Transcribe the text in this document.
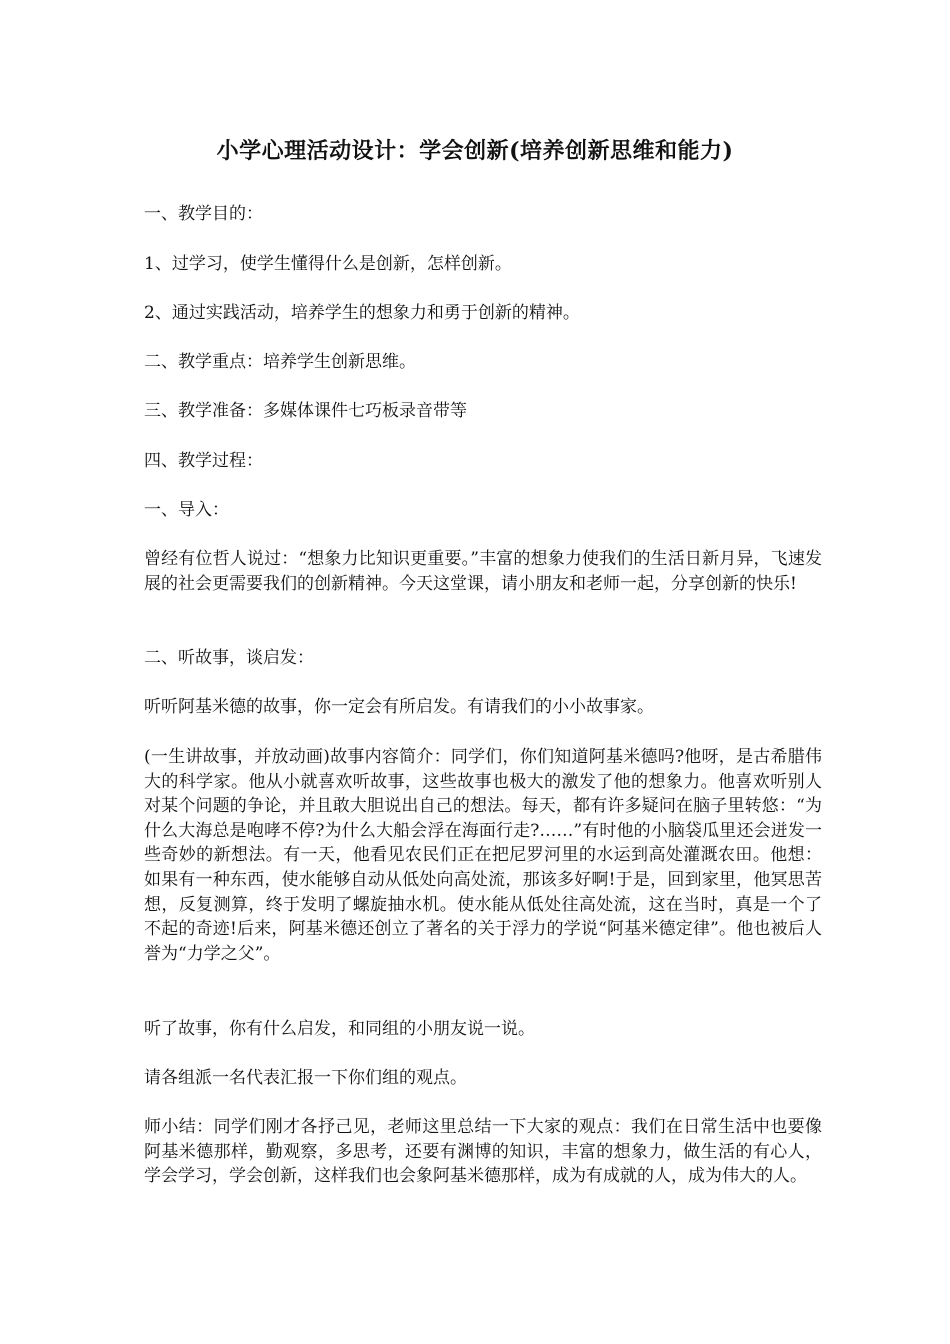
小学心理活动设计：学会创新(培养创新思维和能力)

一、教学目的：

1、过学习，使学生懂得什么是创新，怎样创新。

2、通过实践活动，培养学生的想象力和勇于创新的精神。

二、教学重点：培养学生创新思维。

三、教学准备：多媒体课件七巧板录音带等

四、教学过程：

一、导入：

曾经有位哲人说过：“想象力比知识更重要。”丰富的想象力使我们的生活日新月异，飞速发展的社会更需要我们的创新精神。今天这堂课，请小朋友和老师一起，分享创新的快乐!

二、听故事，谈启发：

听听阿基米德的故事，你一定会有所启发。有请我们的小小故事家。

(一生讲故事，并放动画)故事内容简介：同学们，你们知道阿基米德吗?他呀，是古希腊伟大的科学家。他从小就喜欢听故事，这些故事也极大的激发了他的想象力。他喜欢听别人对某个问题的争论，并且敢大胆说出自己的想法。每天，都有许多疑问在脑子里转悠：“为什么大海总是咆哮不停?为什么大船会浮在海面行走?……”有时他的小脑袋瓜里还会迸发一些奇妙的新想法。有一天，他看见农民们正在把尼罗河里的水运到高处灌溉农田。他想：如果有一种东西，使水能够自动从低处向高处流，那该多好啊!于是，回到家里，他冥思苦想，反复测算，终于发明了螺旋抽水机。使水能从低处往高处流，这在当时，真是一个了不起的奇迹!后来，阿基米德还创立了著名的关于浮力的学说“阿基米德定律”。他也被后人誉为“力学之父”。

听了故事，你有什么启发，和同组的小朋友说一说。

请各组派一名代表汇报一下你们组的观点。

师小结：同学们刚才各抒己见，老师这里总结一下大家的观点：我们在日常生活中也要像阿基米德那样，勤观察，多思考，还要有渊博的知识，丰富的想象力，做生活的有心人，学会学习，学会创新，这样我们也会象阿基米德那样，成为有成就的人，成为伟大的人。
